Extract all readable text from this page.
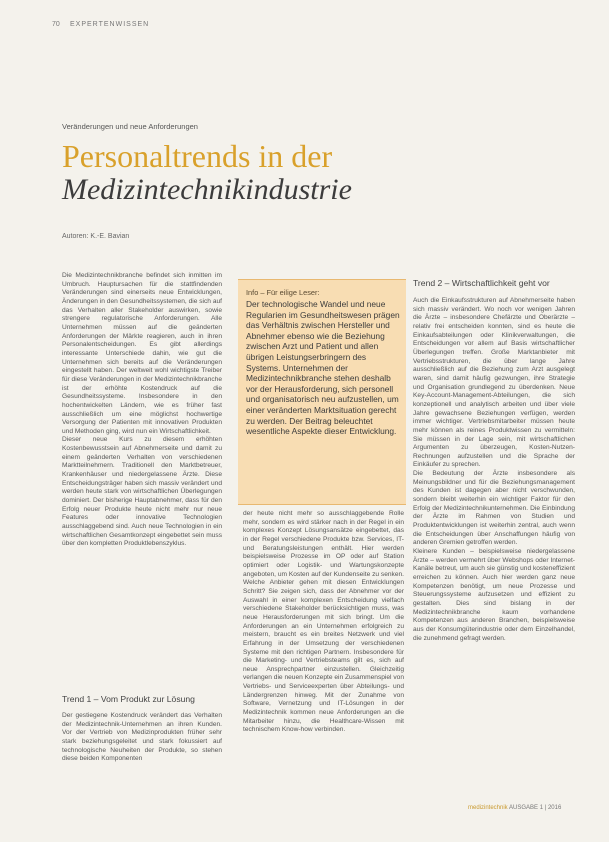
70 EXPERTENWISSEN
Veränderungen und neue Anforderungen
Personaltrends in der
Medizintechnikindustrie
Autoren: K.-E. Bavian
Die Medizintechnikbranche befindet sich inmitten im Umbruch. Hauptursachen für die stattfindenden Veränderungen sind einerseits neue Entwicklungen, Änderungen in den Gesundheitssystemen, die sich auf das Verhalten aller Stakeholder auswirken, sowie strengere regulatorische Anforderungen. Alle Unternehmen müssen auf die geänderten Anforderungen der Märkte reagieren, auch in ihren Personalentscheidungen. Es gibt allerdings interessante Unterschiede dahin, wie gut die Unternehmen sich bereits auf die Veränderungen eingestellt haben. Der weltweit wohl wichtigste Treiber für diese Veränderungen in der Medizintechnikbranche ist der erhöhte Kostendruck auf die Gesundheitssysteme. Insbesondere in den hochentwickelten Ländern, wie es früher fast ausschließlich um eine möglichst hochwertige Versorgung der Patienten mit innovativen Produkten und Methoden ging, wird nun ein Wirtschaftlichkeit.
Dieser neue Kurs zu diesem erhöhten Kostenbewusstsein auf Abnehmerseite und damit zu einem geänderten Verhalten von verschiedenen Marktteilnehmern. Traditionell den Marktbetreuer, Krankenhäuser und niedergelassene Ärzte. Diese Entscheidungsträger haben sich massiv verändert und werden heute stark von wirtschaftlichen Überlegungen dominiert. Der bisherige Hauptabnehmer, dass für den Erfolg neuer Produkte heute nicht mehr nur neue Features oder innovative Technologien ausschlaggebend sind. Auch neue Technologien in ein wirtschaftlichen Gesamtkonzept eingebettet sein muss über den kompletten Produktlebenszyklus.
Trend 1 – Vom Produkt zur Lösung
Der gestiegene Kostendruck verändert das Verhalten der Medizintechnik-Unternehmen an ihren Kunden. Vor der Vertrieb von Medizinprodukten früher sehr stark beziehungsgeleitet und stark fokussiert auf technologische Neuheiten der Produkte, so stehen diese beiden Komponenten
Info – Für eilige Leser:
Der technologische Wandel und neue Regularien im Gesundheitswesen prägen das Verhältnis zwischen Hersteller und Abnehmer ebenso wie die Beziehung zwischen Arzt und Patient und allen übrigen Leistungserbringern des Systems. Unternehmen der Medizintechnikbranche stehen deshalb vor der Herausforderung, sich personell und organisatorisch neu aufzustellen, um einer veränderten Marktsituation gerecht zu werden. Der Beitrag beleuchtet wesentliche Aspekte dieser Entwicklung.
der heute nicht mehr so ausschlaggebende Rolle mehr, sondern es wird stärker nach in der Regel in ein komplexes Konzept Lösungsansätze eingebettet, das in der Regel verschiedene Produkte bzw. Services, IT- und Beratungsleistungen enthält. Hier werden beispielsweise Prozesse im OP oder auf Station optimiert oder Logistik- und Wartungskonzepte angeboten, um Kosten auf der Kundenseite zu senken. Welche Anbieter gehen mit diesen Entwicklungen Schritt? Sie zeigen sich, dass der Abnehmer vor der Auswahl in einer komplexen Entscheidung vielfach verschiedene Stakeholder berücksichtigen muss, was neue Herausforderungen mit sich bringt. Um die Anforderungen an ein Unternehmen erfolgreich zu meistern, braucht es ein breites Netzwerk und viel Erfahrung in der Umsetzung der verschiedenen Systeme mit den richtigen Partnern. Insbesondere für die Marketing- und Vertriebsteams gilt es, sich auf neue Ansprechpartner einzustellen. Gleichzeitig verlangen die neuen Konzepte ein Zusammenspiel von Vertriebs- und Serviceexperten über Abteilungs- und Ländergrenzen hinweg. Mit der Zunahme von Software, Vernetzung und IT-Lösungen in der Medizintechnik kommen neue Anforderungen an die Mitarbeiter hinzu, die Healthcare-Wissen mit technischem Know-how verbinden.
Trend 2 – Wirtschaftlichkeit geht vor
Auch die Einkaufsstrukturen auf Abnehmerseite haben sich massiv verändert. Wo noch vor wenigen Jahren die Ärzte – insbesondere Chefärzte und Oberärzte – relativ frei entscheiden konnten, sind es heute die Einkaufsabteilungen oder Klinikverwaltungen, die Entscheidungen vor allem auf Basis wirtschaftlicher Überlegungen treffen. Große Marktanbieter mit Vertriebsstrukturen, die über lange Jahre ausschließlich auf die Beziehung zum Arzt ausgelegt waren, sind damit häufig gezwungen, ihre Strategie und Organisation grundlegend zu überdenken. Neue Key-Account-Management-Abteilungen, die sich konzeptionell und analytisch arbeiten und über viele Jahre gewachsene Beziehungen verfügen, werden immer wichtiger. Vertriebsmitarbeiter müssen heute mehr können als reines Produktwissen zu vermitteln: Sie müssen in der Lage sein, mit wirtschaftlichen Argumenten zu überzeugen, Kosten-Nutzen-Rechnungen aufzustellen und die Sprache der Einkäufer zu sprechen.
Die Bedeutung der Ärzte insbesondere als Meinungsbildner und für die Beziehungsmanagement des Kunden ist dagegen aber nicht verschwunden, sondern bleibt weiterhin ein wichtiger Faktor für den Erfolg der Medizintechnikunternehmen. Die Einbindung der Ärzte im Rahmen von Studien und Produktentwicklungen ist weiterhin zentral, auch wenn die Entscheidungen über Anschaffungen häufig von anderen Gremien getroffen werden.
Kleinere Kunden – beispielsweise niedergelassene Ärzte – werden vermehrt über Webshops oder Internet-Kanäle betreut, um auch sie günstig und kosteneffizient erreichen zu können. Auch hier werden ganz neue Kompetenzen benötigt, um neue Prozesse und Steuerungssysteme aufzusetzen und effizient zu gestalten. Dies sind bislang in der Medizintechnikbranche kaum vorhandene Kompetenzen aus anderen Branchen, beispielsweise aus der Konsumgüterindustrie oder dem Einzelhandel, die zunehmend gefragt werden.
medizintechnik AUSGABE 1 | 2016
